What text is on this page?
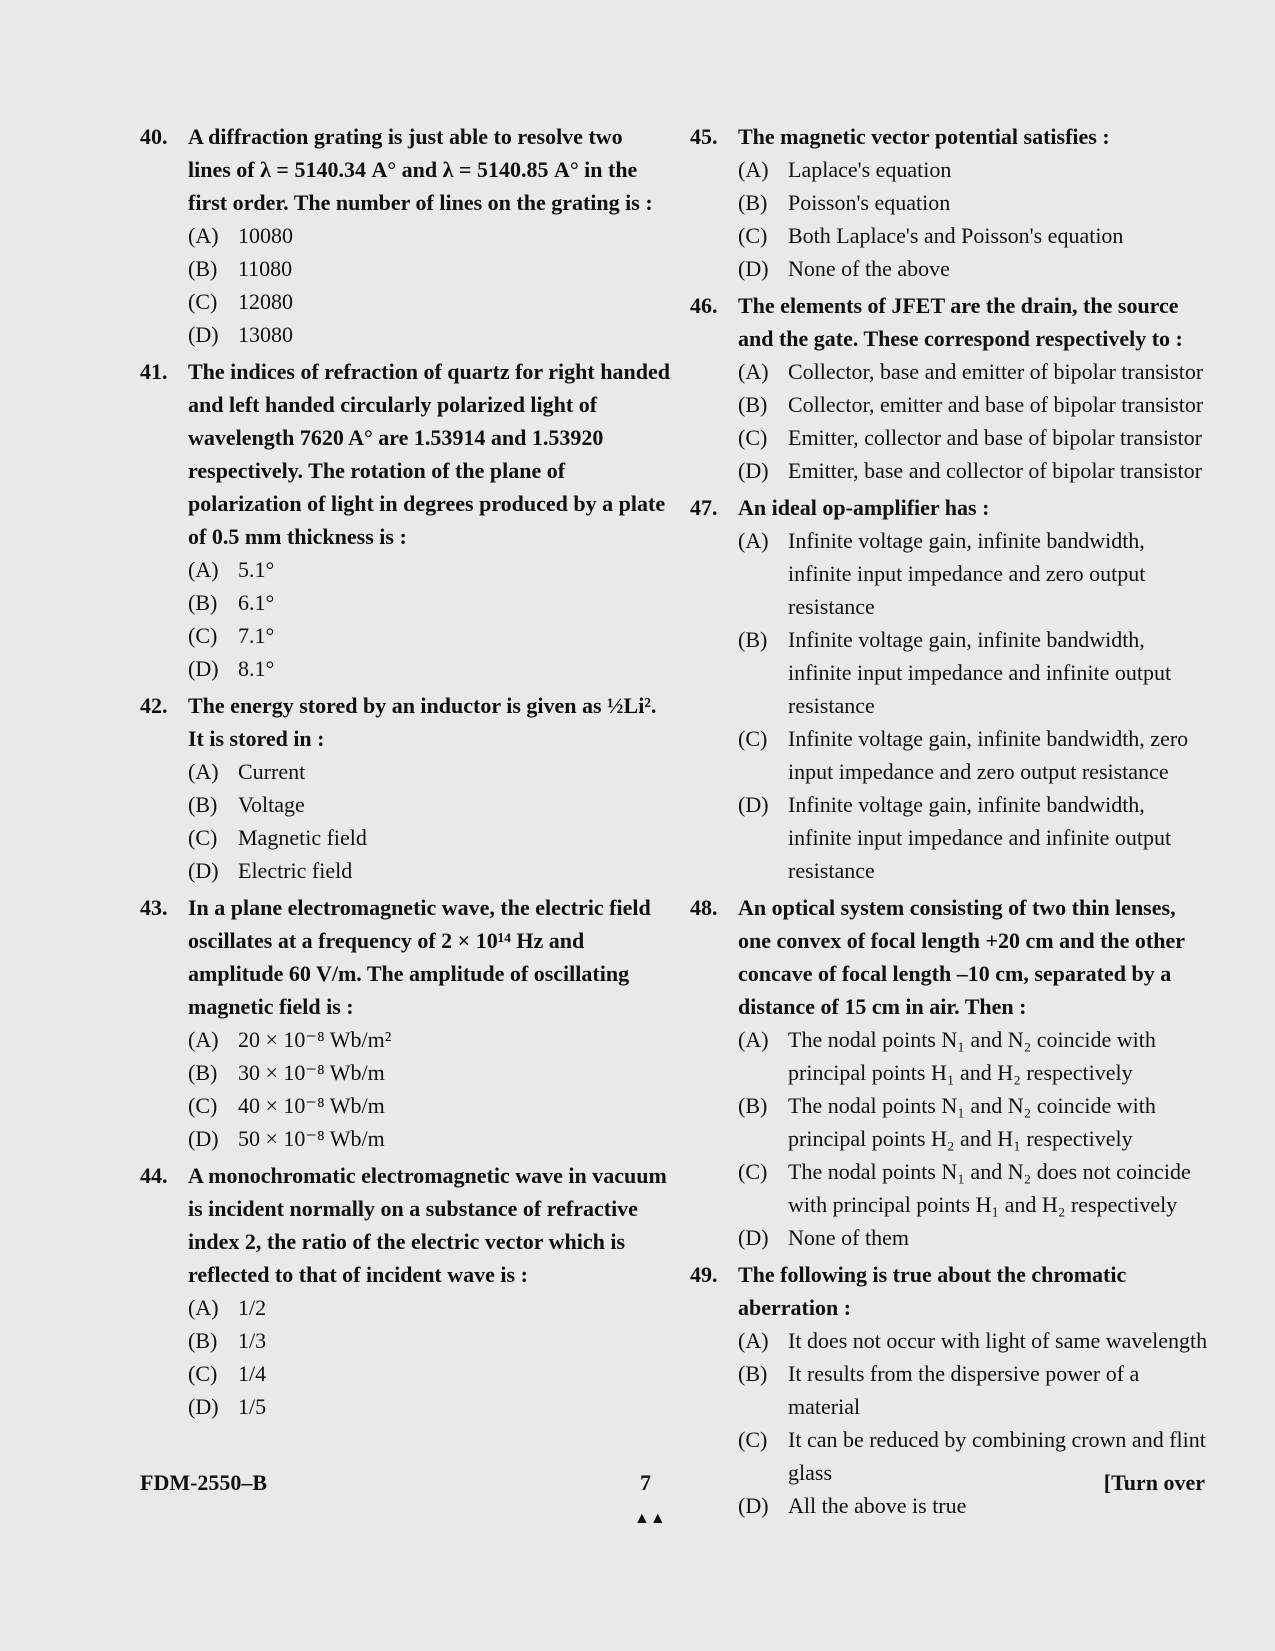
40. A diffraction grating is just able to resolve two lines of λ = 5140.34 A° and λ = 5140.85 A° in the first order. The number of lines on the grating is :

(A) 10080
(B) 11080
(C) 12080
(D) 13080
41. The indices of refraction of quartz for right handed and left handed circularly polarized light of wavelength 7620 A° are 1.53914 and 1.53920 respectively. The rotation of the plane of polarization of light in degrees produced by a plate of 0.5 mm thickness is :

(A) 5.1°
(B) 6.1°
(C) 7.1°
(D) 8.1°
42. The energy stored by an inductor is given as ½Li². It is stored in :

(A) Current
(B) Voltage
(C) Magnetic field
(D) Electric field
43. In a plane electromagnetic wave, the electric field oscillates at a frequency of 2 × 10¹⁴ Hz and amplitude 60 V/m. The amplitude of oscillating magnetic field is :

(A) 20 × 10⁻⁸ Wb/m²
(B) 30 × 10⁻⁸ Wb/m
(C) 40 × 10⁻⁸ Wb/m
(D) 50 × 10⁻⁸ Wb/m
44. A monochromatic electromagnetic wave in vacuum is incident normally on a substance of refractive index 2, the ratio of the electric vector which is reflected to that of incident wave is :

(A) 1/2
(B) 1/3
(C) 1/4
(D) 1/5
45. The magnetic vector potential satisfies :

(A) Laplace's equation
(B) Poisson's equation
(C) Both Laplace's and Poisson's equation
(D) None of the above
46. The elements of JFET are the drain, the source and the gate. These correspond respectively to :

(A) Collector, base and emitter of bipolar transistor
(B) Collector, emitter and base of bipolar transistor
(C) Emitter, collector and base of bipolar transistor
(D) Emitter, base and collector of bipolar transistor
47. An ideal op-amplifier has :

(A) Infinite voltage gain, infinite bandwidth, infinite input impedance and zero output resistance
(B) Infinite voltage gain, infinite bandwidth, infinite input impedance and infinite output resistance
(C) Infinite voltage gain, infinite bandwidth, zero input impedance and zero output resistance
(D) Infinite voltage gain, infinite bandwidth, infinite input impedance and infinite output resistance
48. An optical system consisting of two thin lenses, one convex of focal length +20 cm and the other concave of focal length –10 cm, separated by a distance of 15 cm in air. Then :

(A) The nodal points N₁ and N₂ coincide with principal points H₁ and H₂ respectively
(B) The nodal points N₁ and N₂ coincide with principal points H₂ and H₁ respectively
(C) The nodal points N₁ and N₂ does not coincide with principal points H₁ and H₂ respectively
(D) None of them
49. The following is true about the chromatic aberration :

(A) It does not occur with light of same wavelength
(B) It results from the dispersive power of a material
(C) It can be reduced by combining crown and flint glass
(D) All the above is true
FDM-2550–B	7	[Turn over
▲▲
